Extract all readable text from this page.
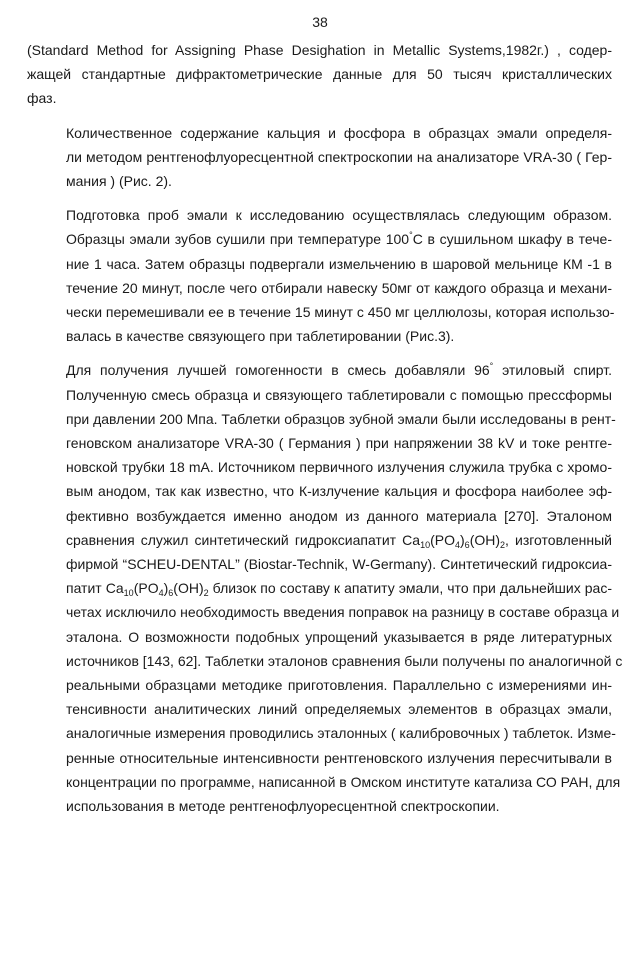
38

(Standard Method for Assigning Phase Desighation in Metallic Systems,1982г.) , содер-
жащей стандартные дифрактометрические данные для 50 тысяч кристаллических
фаз.

Количественное содержание кальция и фосфора в образцах эмали определя-
ли методом рентгенофлуоресцентной спектроскопии на анализаторе VRA-30 ( Гер-
мания ) (Рис. 2).

Подготовка проб эмали к исследованию осуществлялась следующим образом.
Образцы эмали зубов сушили при температуре 100°C в сушильном шкафу в тече-
ние 1 часа. Затем образцы подвергали измельчению в шаровой мельнице КМ -1 в
течение 20 минут, после чего отбирали навеску 50мг от каждого образца и механи-
чески перемешивали ее в течение 15 минут с 450 мг целлюлозы, которая использо-
валась в качестве связующего при таблетировании (Рис.3).

Для получения лучшей гомогенности в смесь добавляли 96° этиловый спирт.
Полученную смесь образца и связующего таблетировали с помощью прессформы
при давлении 200 Мпа. Таблетки образцов зубной эмали были исследованы в рент-
геновском анализаторе VRA-30 ( Германия ) при напряжении 38 kV и токе рентге-
новской трубки 18 mA. Источником первичного излучения служила трубка с хромо-
вым анодом, так как известно, что К-излучение кальция и фосфора наиболее эф-
фективно возбуждается именно анодом из данного материала [270]. Эталоном
сравнения служил синтетический гидроксиапатит $Ca_{10}(PO_4)_6(OH)_2$, изготовленный
фирмой “SCHEU-DENTAL” (Biostar-Technik, W-Germany). Синтетический гидроксиа-
патит $Ca_{10}(PO_4)_6(OH)_2$ близок по составу к апатиту эмали, что при дальнейших рас-
четах исключило необходимость введения поправок на разницу в составе образца и
эталона. О возможности подобных упрощений указывается в ряде литературных
источников [143, 62]. Таблетки эталонов сравнения были получены по аналогичной с
реальными образцами методике приготовления. Параллельно с измерениями ин-
тенсивности аналитических линий определяемых элементов в образцах эмали,
аналогичные измерения проводились эталонных ( калибровочных ) таблеток. Изме-
ренные относительные интенсивности рентгеновского излучения пересчитывали в
концентрации по программе, написанной в Омском институте катализа СО РАН, для
использования в методе рентгенофлуоресцентной спектроскопии.
